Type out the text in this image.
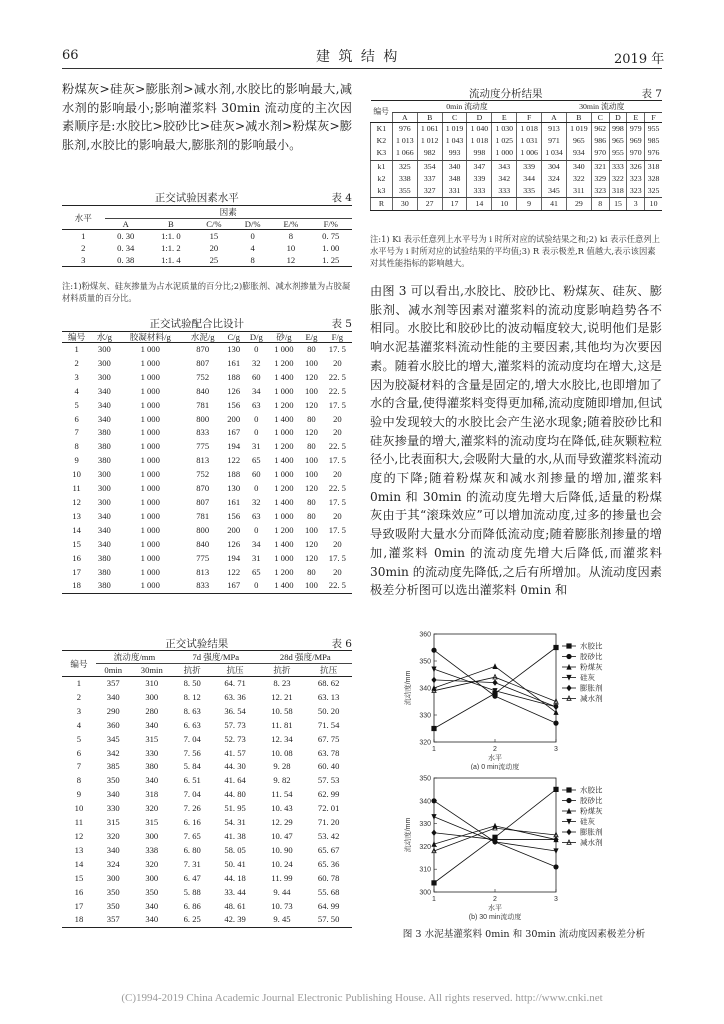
66	建 筑 结 构	2019 年

粉煤灰>硅灰>膨胀剂>减水剂,水胶比的影响最大,减水剂的影响最小;影响灌浆料 30min 流动度的主次因素顺序是:水胶比>胶砂比>硅灰>减水剂>粉煤灰>膨胀剂,水胶比的影响最大,膨胀剂的影响最小。

正交试验因素水平	表 4
水平	因素					
	A	B	C/%	D/%	E/%	F/%
1	0. 30	1:1. 0	15	0	8	0. 75
2	0. 34	1:1. 2	20	4	10	1. 00
3	0. 38	1:1. 4	25	8	12	1. 25
注:1)粉煤灰、硅灰掺量为占水泥质量的百分比;2)膨胀剂、减水剂掺量为占胶凝材料质量的百分比。
正交试验配合比设计	表 5
编号	水/g	胶凝材料/g	水泥/g	C/g	D/g	砂/g	E/g	F/g
1	300	1 000	870	130	0	1 000	80	17. 5
2	300	1 000	807	161	32	1 200	100	20
3	300	1 000	752	188	60	1 400	120	22. 5
4	340	1 000	840	126	34	1 000	100	22. 5
5	340	1 000	781	156	63	1 200	120	17. 5
6	340	1 000	800	200	0	1 400	80	20
7	380	1 000	833	167	0	1 000	120	20
8	380	1 000	775	194	31	1 200	80	22. 5
9	380	1 000	813	122	65	1 400	100	17. 5
10	300	1 000	752	188	60	1 000	100	20
11	300	1 000	870	130	0	1 200	120	22. 5
12	300	1 000	807	161	32	1 400	80	17. 5
13	340	1 000	781	156	63	1 000	80	20
14	340	1 000	800	200	0	1 200	100	17. 5
15	340	1 000	840	126	34	1 400	120	20
16	380	1 000	775	194	31	1 000	120	17. 5
17	380	1 000	813	122	65	1 200	80	20
18	380	1 000	833	167	0	1 400	100	22. 5
正交试验结果	表 6
编号	流动度/mm		7d 强度/MPa		28d 强度/MPa	
	0min	30min	抗折	抗压	抗折	抗压
1	357	310	8. 50	64. 71	8. 23	68. 62
2	340	300	8. 12	63. 36	12. 21	63. 13
3	290	280	8. 63	36. 54	10. 58	50. 20
4	360	340	6. 63	57. 73	11. 81	71. 54
5	345	315	7. 04	52. 73	12. 34	67. 75
6	342	330	7. 56	41. 57	10. 08	63. 78
7	385	380	5. 84	44. 30	9. 28	60. 40
8	350	340	6. 51	41. 64	9. 82	57. 53
9	340	318	7. 04	44. 80	11. 54	62. 99
10	330	320	7. 26	51. 95	10. 43	72. 01
11	315	315	6. 16	54. 31	12. 29	71. 20
12	320	300	7. 65	41. 38	10. 47	53. 42
13	340	338	6. 80	58. 05	10. 90	65. 67
14	324	320	7. 31	50. 41	10. 24	65. 36
15	300	300	6. 47	44. 18	11. 99	60. 78
16	350	350	5. 88	33. 44	9. 44	55. 68
17	350	340	6. 86	48. 61	10. 73	64. 99
18	357	340	6. 25	42. 39	9. 45	57. 50
流动度分析结果	表 7
编号	0min 流动度						30min 流动度					
	A	B	C	D	E	F	A	B	C	D	E	F
K1	976	1 061	1 019	1 040	1 030	1 018	913	1 019	962	998	979	955
K2	1 013	1 012	1 043	1 018	1 025	1 031	971	965	986	965	969	985
K3	1 066	982	993	998	1 000	1 006	1 034	934	970	955	970	976
k1	325	354	340	347	343	339	304	340	321	333	326	318
k2	338	337	348	339	342	344	324	322	329	322	323	328
k3	355	327	331	333	333	335	345	311	323	318	323	325
R	30	27	17	14	10	9	41	29	8	15	3	10
注:1) Ki 表示任意列上水平号为 i 时所对应的试验结果之和;2) ki 表示任意列上水平号为 i 时所对应的试验结果的平均值;3) R 表示极差,R 值越大,表示该因素对其性能指标的影响越大。

由图 3 可以看出,水胶比、胶砂比、粉煤灰、硅灰、膨胀剂、减水剂等因素对灌浆料的流动度影响趋势各不相同。水胶比和胶砂比的波动幅度较大,说明他们是影响水泥基灌浆料流动性能的主要因素,其他均为次要因素。随着水胶比的增大,灌浆料的流动度均在增大,这是因为胶凝材料的含量是固定的,增大水胶比,也即增加了水的含量,使得灌浆料变得更加稀,流动度随即增加,但试验中发现较大的水胶比会产生泌水现象;随着胶砂比和硅灰掺量的增大,灌浆料的流动度均在降低,硅灰颗粒粒径小,比表面积大,会吸附大量的水,从而导致灌浆料流动度的下降;随着粉煤灰和减水剂掺量的增加,灌浆料 0min 和 30min 的流动度先增大后降低,适量的粉煤灰由于其“滚珠效应”可以增加流动度,过多的掺量也会导致吸附大量水分而降低流动度;随着膨胀剂掺量的增加,灌浆料 0min 的流动度先增大后降低,而灌浆料 30min 的流动度先降低,之后有所增加。从流动度因素极差分析图可以选出灌浆料 0min 和

320
330
340
350
360
1	2	3
水平
流动度/mm
(a) 0 min流动度
水胶比
胶砂比
粉煤灰
硅灰
膨胀剂
减水剂
300
310
320
330
340
350
1	2	3
水平
流动度/mm
(b) 30 min流动度
水胶比
胶砂比
粉煤灰
硅灰
膨胀剂
减水剂
图 3 水泥基灌浆料 0min 和 30min 流动度因素极差分析
(C)1994-2019 China Academic Journal Electronic Publishing House. All rights reserved. http://www.cnki.net
